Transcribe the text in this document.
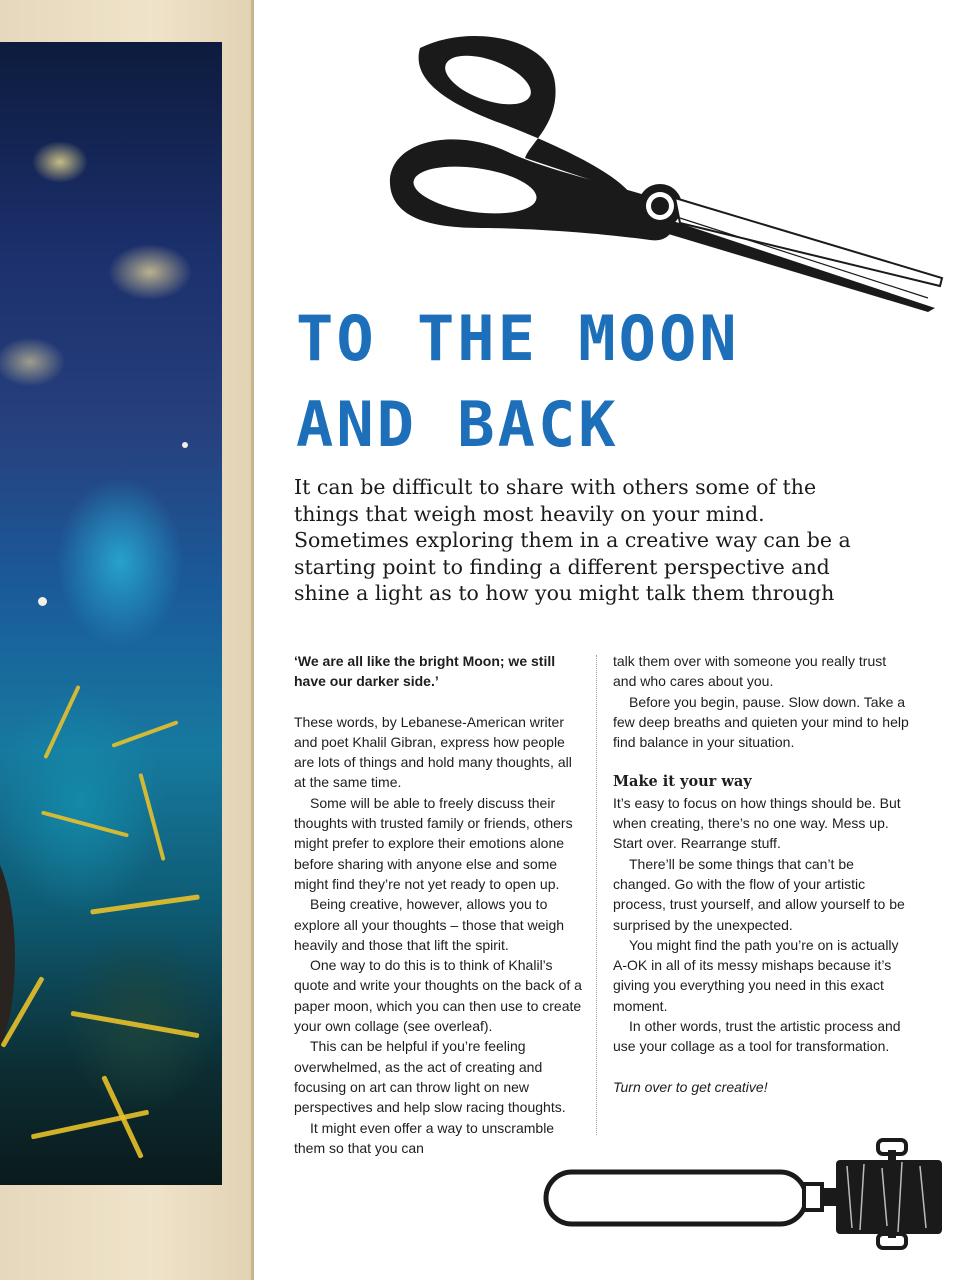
TO THE MOON
AND BACK

It can be difficult to share with others some of the things that weigh most heavily on your mind. Sometimes exploring them in a creative way can be a starting point to finding a different perspective and shine a light as to how you might talk them through

‘We are all like the bright Moon; we still have our darker side.’

These words, by Lebanese-American writer and poet Khalil Gibran, express how people are lots of things and hold many thoughts, all at the same time.

Some will be able to freely discuss their thoughts with trusted family or friends, others might prefer to explore their emotions alone before sharing with anyone else and some might find they’re not yet ready to open up.

Being creative, however, allows you to explore all your thoughts – those that weigh heavily and those that lift the spirit.

One way to do this is to think of Khalil’s quote and write your thoughts on the back of a paper moon, which you can then use to create your own collage (see overleaf).

This can be helpful if you’re feeling overwhelmed, as the act of creating and focusing on art can throw light on new perspectives and help slow racing thoughts.

It might even offer a way to unscramble them so that you can

talk them over with someone you really trust and who cares about you.

Before you begin, pause. Slow down. Take a few deep breaths and quieten your mind to help find balance in your situation.

Make it your way

It’s easy to focus on how things should be. But when creating, there’s no one way. Mess up. Start over. Rearrange stuff.

There’ll be some things that can’t be changed. Go with the flow of your artistic process, trust yourself, and allow yourself to be surprised by the unexpected.

You might find the path you’re on is actually A-OK in all of its messy mishaps because it’s giving you everything you need in this exact moment.

In other words, trust the artistic process and use your collage as a tool for transformation.

Turn over to get creative!
